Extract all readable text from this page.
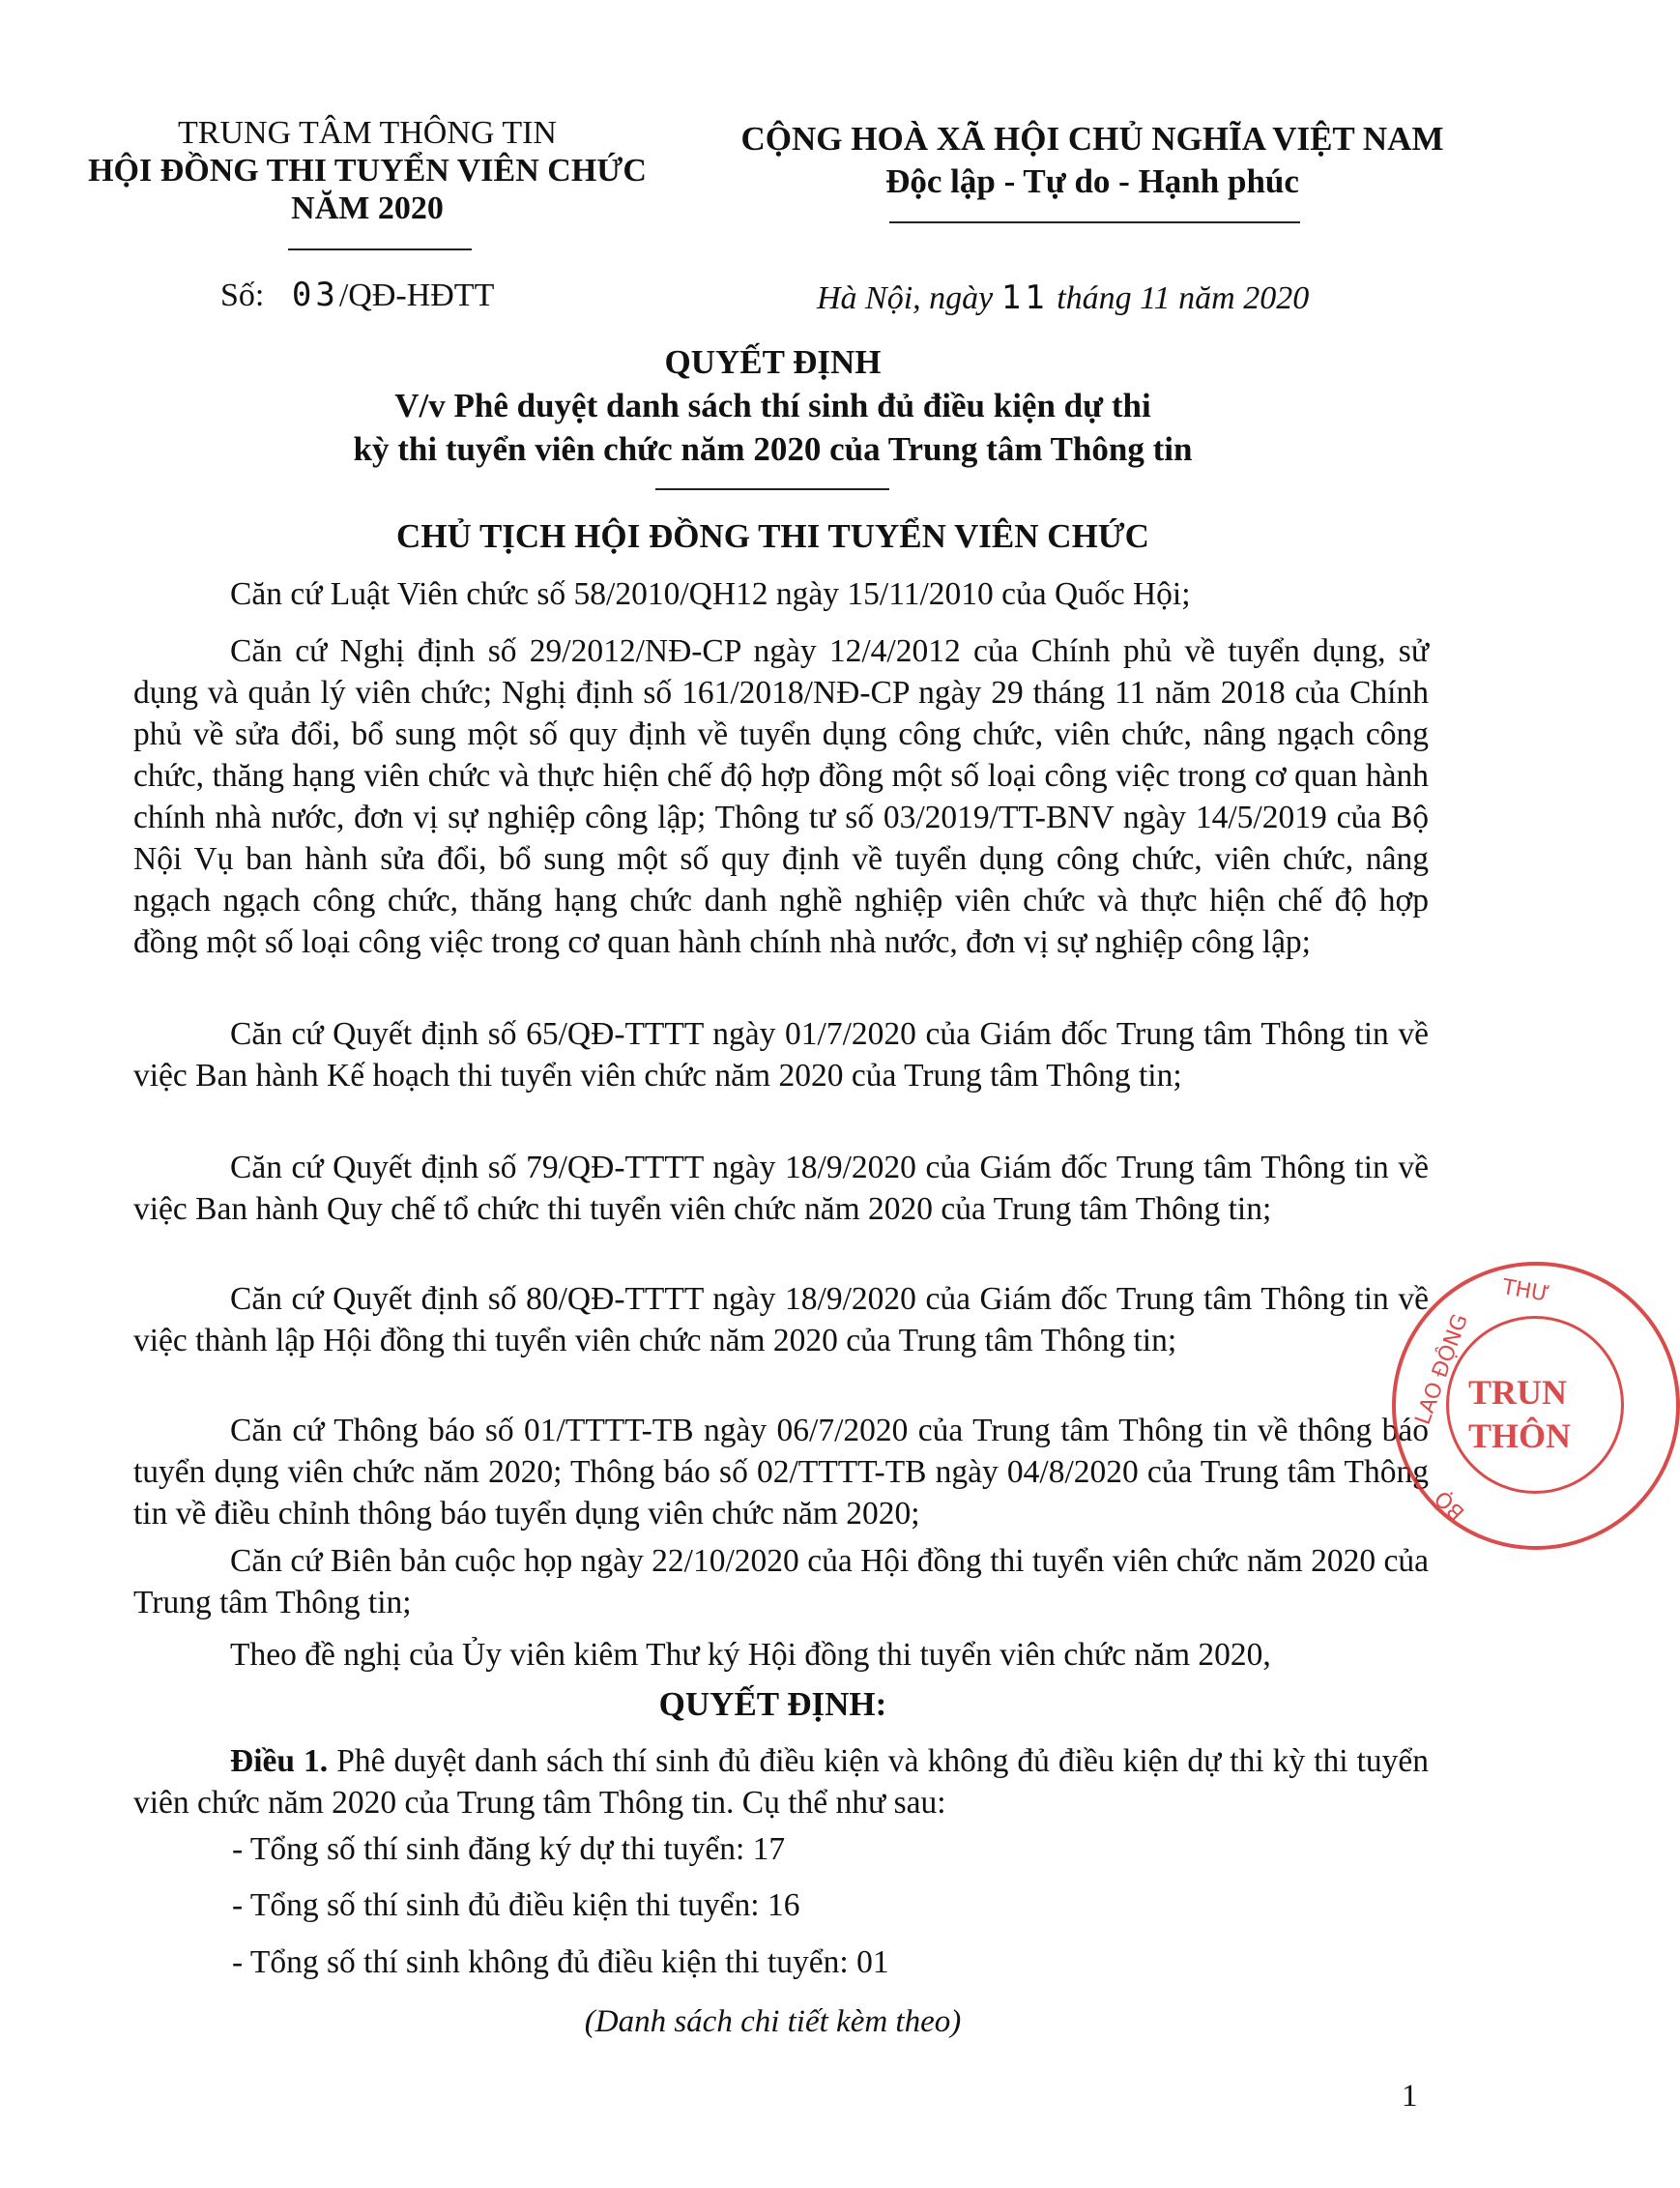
TRUNG TÂM THÔNG TIN
HỘI ĐỒNG THI TUYỂN VIÊN CHỨC
NĂM 2020
CỘNG HOÀ XÃ HỘI CHỦ NGHĨA VIỆT NAM
Độc lập - Tự do - Hạnh phúc
Số: 03/QĐ-HĐTT	Hà Nội, ngày 11 tháng 11 năm 2020
QUYẾT ĐỊNH
V/v Phê duyệt danh sách thí sinh đủ điều kiện dự thi
kỳ thi tuyển viên chức năm 2020 của Trung tâm Thông tin
CHỦ TỊCH HỘI ĐỒNG THI TUYỂN VIÊN CHỨC
Căn cứ Luật Viên chức số 58/2010/QH12 ngày 15/11/2010 của Quốc Hội;
Căn cứ Nghị định số 29/2012/NĐ-CP ngày 12/4/2012 của Chính phủ về tuyển dụng, sử dụng và quản lý viên chức; Nghị định số 161/2018/NĐ-CP ngày 29 tháng 11 năm 2018 của Chính phủ về sửa đổi, bổ sung một số quy định về tuyển dụng công chức, viên chức, nâng ngạch công chức, thăng hạng viên chức và thực hiện chế độ hợp đồng một số loại công việc trong cơ quan hành chính nhà nước, đơn vị sự nghiệp công lập; Thông tư số 03/2019/TT-BNV ngày 14/5/2019 của Bộ Nội Vụ ban hành sửa đổi, bổ sung một số quy định về tuyển dụng công chức, viên chức, nâng ngạch ngạch công chức, thăng hạng chức danh nghề nghiệp viên chức và thực hiện chế độ hợp đồng một số loại công việc trong cơ quan hành chính nhà nước, đơn vị sự nghiệp công lập;
Căn cứ Quyết định số 65/QĐ-TTTT ngày 01/7/2020 của Giám đốc Trung tâm Thông tin về việc Ban hành Kế hoạch thi tuyển viên chức năm 2020 của Trung tâm Thông tin;
Căn cứ Quyết định số 79/QĐ-TTTT ngày 18/9/2020 của Giám đốc Trung tâm Thông tin về việc Ban hành Quy chế tổ chức thi tuyển viên chức năm 2020 của Trung tâm Thông tin;
Căn cứ Quyết định số 80/QĐ-TTTT ngày 18/9/2020 của Giám đốc Trung tâm Thông tin về việc thành lập Hội đồng thi tuyển viên chức năm 2020 của Trung tâm Thông tin;
Căn cứ Thông báo số 01/TTTT-TB ngày 06/7/2020 của Trung tâm Thông tin về thông báo tuyển dụng viên chức năm 2020; Thông báo số 02/TTTT-TB ngày 04/8/2020 của Trung tâm Thông tin về điều chỉnh thông báo tuyển dụng viên chức năm 2020;
Căn cứ Biên bản cuộc họp ngày 22/10/2020 của Hội đồng thi tuyển viên chức năm 2020 của Trung tâm Thông tin;
Theo đề nghị của Ủy viên kiêm Thư ký Hội đồng thi tuyển viên chức năm 2020,
QUYẾT ĐỊNH:
Điều 1. Phê duyệt danh sách thí sinh đủ điều kiện và không đủ điều kiện dự thi kỳ thi tuyển viên chức năm 2020 của Trung tâm Thông tin. Cụ thể như sau:
- Tổng số thí sinh đăng ký dự thi tuyển: 17
- Tổng số thí sinh đủ điều kiện thi tuyển: 16
- Tổng số thí sinh không đủ điều kiện thi tuyển: 01
(Danh sách chi tiết kèm theo)
1
THƯ
LAO ĐỘNG
BỘ
TRUN
THÔN
